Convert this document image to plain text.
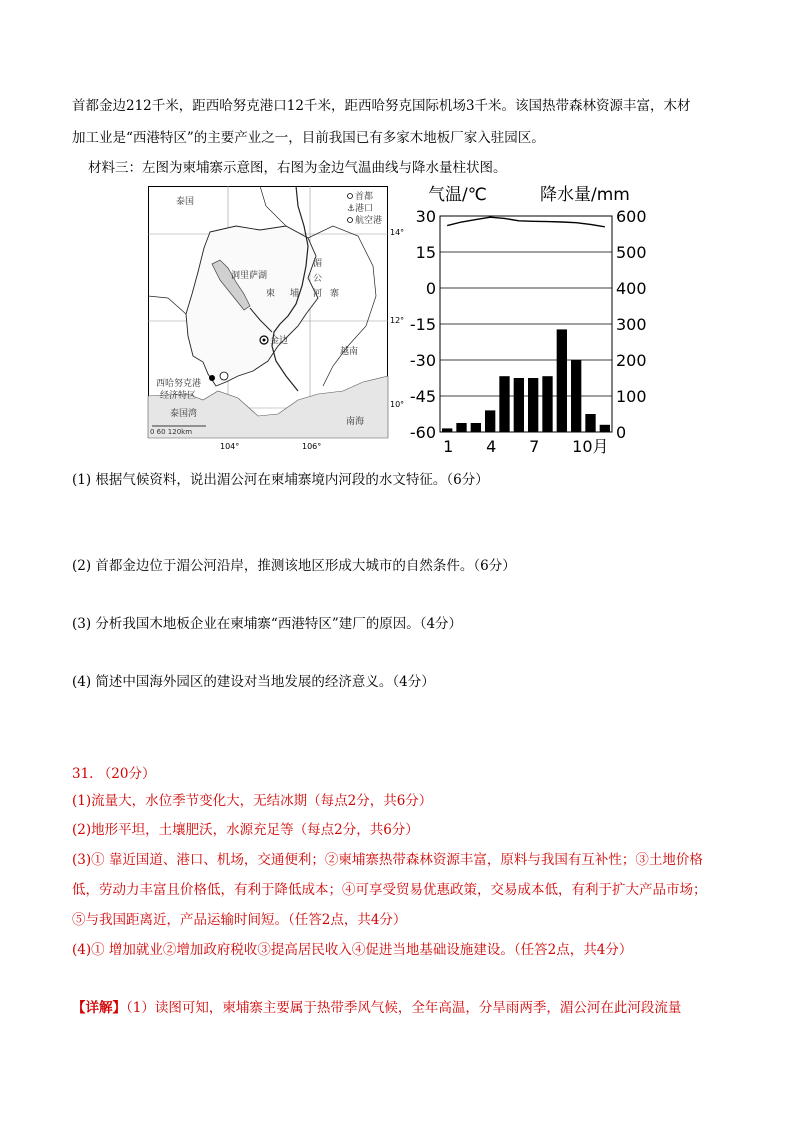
首都金边212千米，距西哈努克港口12千米，距西哈努克国际机场3千米。该国热带森林资源丰富，木材
加工业是“西港特区”的主要产业之一，目前我国已有多家木地板厂家入驻园区。
材料三：左图为柬埔寨示意图，右图为金边气温曲线与降水量柱状图。
首都
⚓ 港口
航空港
泰国
洞里萨湖
柬 埔
湄
公
河 寨
金边
越南
西哈努克港
经济特区
泰国湾
南海
0 60 120km
14°
12°
10°
104°	106°
气温/℃	降水量/mm
30
15
0
-15
-30
-45
-60
600
500
400
300
200
100
0
1 4 7 10月
(1) 根据气候资料，说出湄公河在柬埔寨境内河段的水文特征。（6分）
(2) 首都金边位于湄公河沿岸，推测该地区形成大城市的自然条件。（6分）
(3) 分析我国木地板企业在柬埔寨“西港特区”建厂的原因。（4分）
(4) 简述中国海外园区的建设对当地发展的经济意义。（4分）
31. （20分）
(1)流量大，水位季节变化大，无结冰期（每点2分，共6分）
(2)地形平坦，土壤肥沃，水源充足等（每点2分，共6分）
(3)① 靠近国道、港口、机场，交通便利；②柬埔寨热带森林资源丰富，原料与我国有互补性；③土地价格
低，劳动力丰富且价格低，有利于降低成本；④可享受贸易优惠政策，交易成本低，有利于扩大产品市场；
⑤与我国距离近，产品运输时间短。（任答2点，共4分）
(4)① 增加就业②增加政府税收③提高居民收入④促进当地基础设施建设。（任答2点，共4分）
【详解】（1）读图可知，柬埔寨主要属于热带季风气候，全年高温，分旱雨两季，湄公河在此河段流量
